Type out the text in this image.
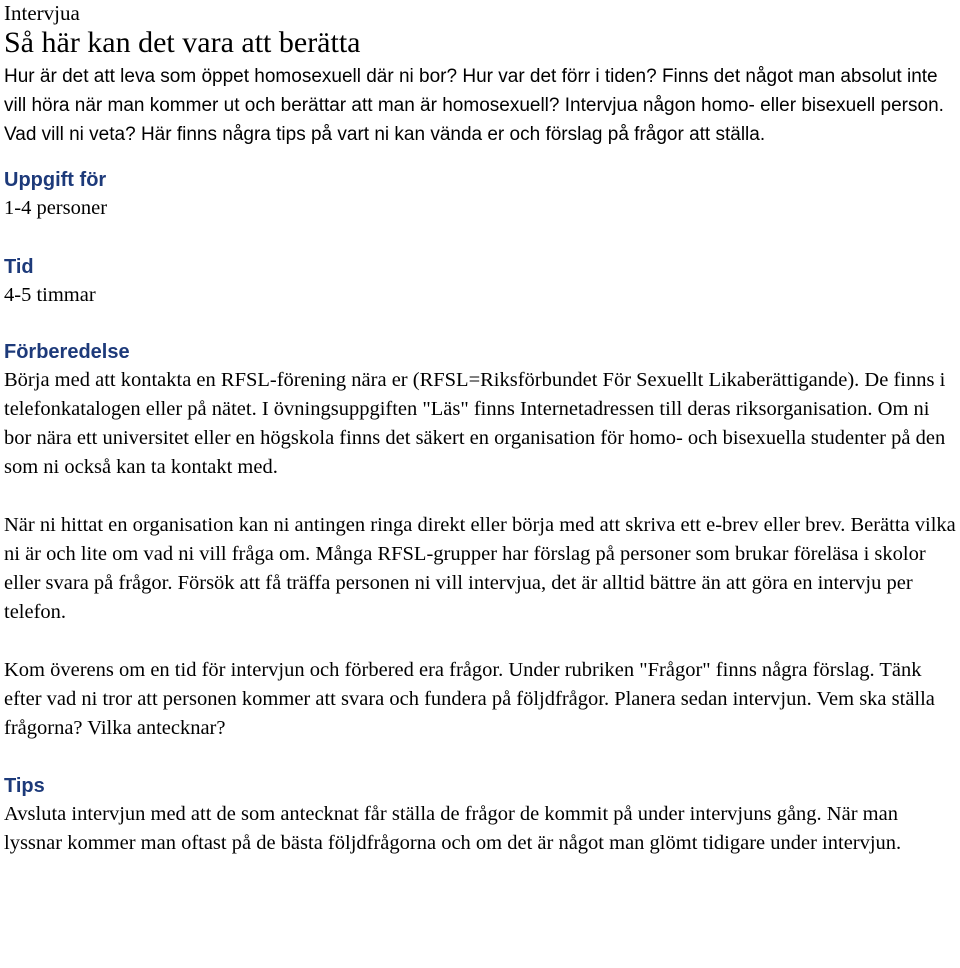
Intervjua

Så här kan det vara att berätta

Hur är det att leva som öppet homosexuell där ni bor? Hur var det förr i tiden? Finns det något man absolut inte vill höra när man kommer ut och berättar att man är homosexuell? Intervjua någon homo- eller bisexuell person. Vad vill ni veta? Här finns några tips på vart ni kan vända er och förslag på frågor att ställa.

Uppgift för

1-4 personer

Tid

4-5 timmar

Förberedelse

Börja med att kontakta en RFSL-förening nära er (RFSL=Riksförbundet För Sexuellt Likaberättigande). De finns i telefonkatalogen eller på nätet. I övningsuppgiften "Läs" finns Internetadressen till deras riksorganisation. Om ni bor nära ett universitet eller en högskola finns det säkert en organisation för homo- och bisexuella studenter på den som ni också kan ta kontakt med.

När ni hittat en organisation kan ni antingen ringa direkt eller börja med att skriva ett e-brev eller brev. Berätta vilka ni är och lite om vad ni vill fråga om. Många RFSL-grupper har förslag på personer som brukar föreläsa i skolor eller svara på frågor. Försök att få träffa personen ni vill intervjua, det är alltid bättre än att göra en intervju per telefon.

Kom överens om en tid för intervjun och förbered era frågor. Under rubriken "Frågor" finns några förslag. Tänk efter vad ni tror att personen kommer att svara och fundera på följdfrågor. Planera sedan intervjun. Vem ska ställa frågorna? Vilka antecknar?

Tips

Avsluta intervjun med att de som antecknat får ställa de frågor de kommit på under intervjuns gång. När man lyssnar kommer man oftast på de bästa följdfrågorna och om det är något man glömt tidigare under intervjun.
